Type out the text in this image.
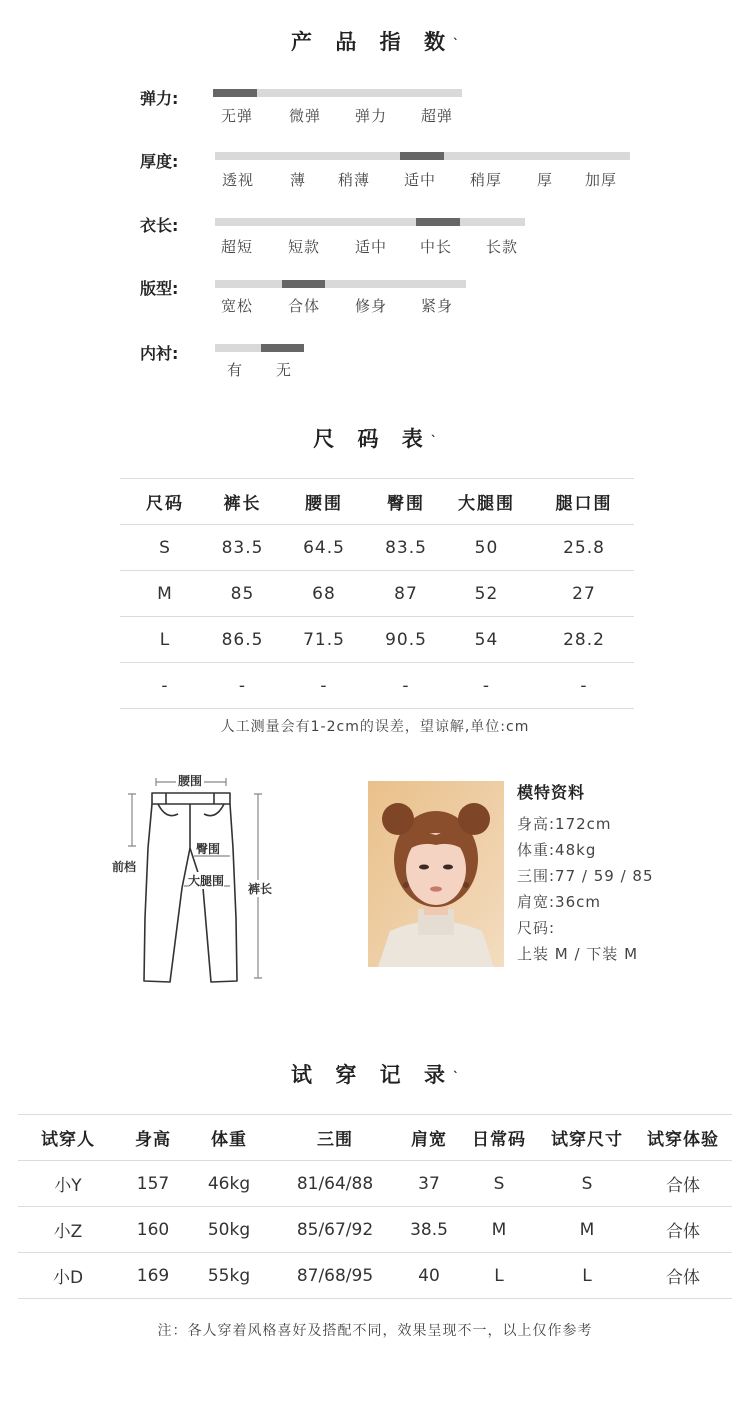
产 品 指 数$^ˎ$
弹力:
无弹 微弹 弹力 超弹
厚度:
透视 薄 稍薄 适中 稍厚 厚 加厚
衣长:
超短 短款 适中 中长 长款
版型:
宽松 合体 修身 紧身
内衬:
有 无
尺 码 表$^ˎ$
尺码	裤长	腰围	臀围	大腿围	腿口围
S	83.5	64.5	83.5	50	25.8
M	85	68	87	52	27
L	86.5	71.5	90.5	54	28.2
-	-	-	-	-	-
人工测量会有1-2cm的误差，望谅解,单位:cm
腰围
前档
臀围
大腿围
裤长
模特资料
身高:172cm
体重:48kg
三围:77 / 59 / 85
肩宽:36cm
尺码:
上装 M / 下装 M
试 穿 记 录$^ˎ$
试穿人	身高	体重	三围	肩宽	日常码	试穿尺寸	试穿体验
小Y	157	46kg	81/64/88	37	S	S	合体
小Z	160	50kg	85/67/92	38.5	M	M	合体
小D	169	55kg	87/68/95	40	L	L	合体
注：各人穿着风格喜好及搭配不同，效果呈现不一，以上仅作参考
